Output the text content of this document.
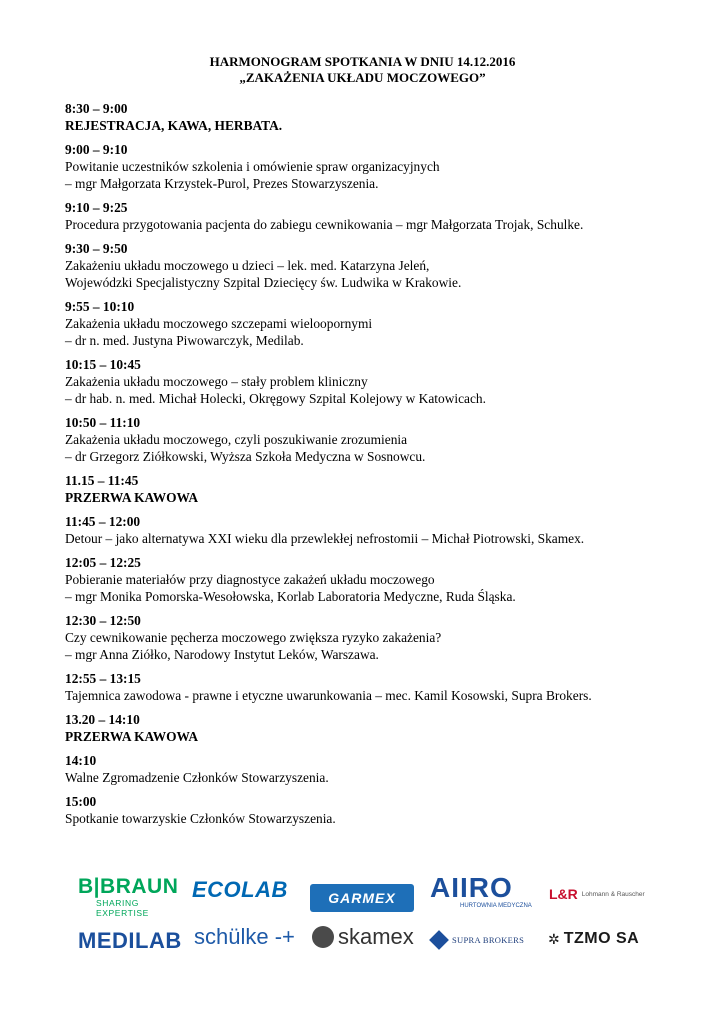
HARMONOGRAM SPOTKANIA W DNIU 14.12.2016
„ZAKAŻENIA UKŁADU MOCZOWEGO”
8:30 – 9:00
REJESTRACJA, KAWA, HERBATA.
9:00 – 9:10
Powitanie uczestników szkolenia i omówienie spraw organizacyjnych
– mgr Małgorzata Krzystek-Purol, Prezes Stowarzyszenia.
9:10 – 9:25
Procedura przygotowania pacjenta do zabiegu cewnikowania – mgr Małgorzata Trojak, Schulke.
9:30 – 9:50
Zakażeniu układu moczowego u dzieci – lek. med. Katarzyna Jeleń,
Wojewódzki Specjalistyczny Szpital Dziecięcy św. Ludwika w Krakowie.
9:55 – 10:10
Zakażenia układu moczowego szczepami wieloopornymi
– dr n. med. Justyna Piwowarczyk, Medilab.
10:15 – 10:45
Zakażenia układu moczowego – stały problem kliniczny
– dr hab. n. med. Michał Holecki, Okręgowy Szpital Kolejowy w Katowicach.
10:50 – 11:10
Zakażenia układu moczowego, czyli poszukiwanie zrozumienia
– dr Grzegorz Ziółkowski, Wyższa Szkoła Medyczna w Sosnowcu.
11.15 – 11:45
PRZERWA KAWOWA
11:45 – 12:00
Detour – jako alternatywa XXI wieku dla przewlekłej nefrostomii – Michał Piotrowski, Skamex.
12:05 – 12:25
Pobieranie materiałów przy diagnostyce zakażeń układu moczowego
– mgr Monika Pomorska-Wesołowska, Korlab Laboratoria Medyczne, Ruda Śląska.
12:30 – 12:50
Czy cewnikowanie pęcherza moczowego zwiększa ryzyko zakażenia?
– mgr Anna Ziółko, Narodowy Instytut Leków, Warszawa.
12:55 – 13:15
Tajemnica zawodowa - prawne i etyczne uwarunkowania – mec. Kamil Kosowski, Supra Brokers.
13.20 – 14:10
PRZERWA KAWOWA
14:10
Walne Zgromadzenie Członków Stowarzyszenia.
15:00
Spotkanie towarzyskie Członków Stowarzyszenia.
B|BRAUN
SHARING EXPERTISE
ECOLAB	GARMEX AIIRO
HURTOWNIA MEDYCZNA
L&R Lohmann & Rauscher
MEDILAB schülke -+ skamex	SUPRA BROKERS ✲ TZMO SA
